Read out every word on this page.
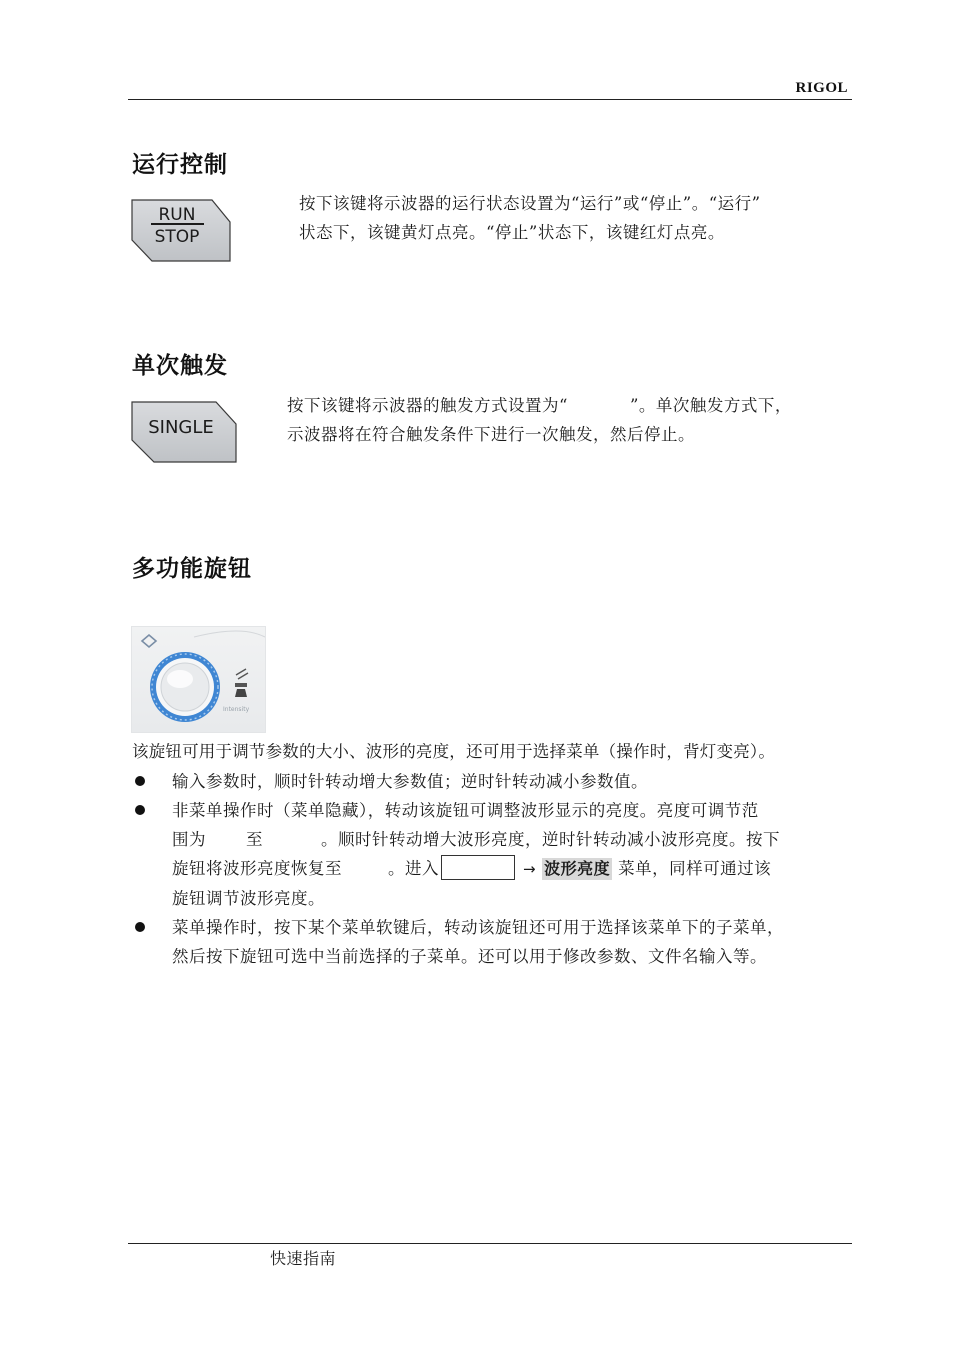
RIGOL
运行控制
RUN
STOP

按下该键将示波器的运行状态设置为“运行”或“停止”。“运行”

状态下，该键黄灯点亮。“停止”状态下，该键红灯点亮。

单次触发
SINGLE

按下该键将示波器的触发方式设置为“	”。单次触发方式下，

示波器将在符合触发条件下进行一次触发，然后停止。

多功能旋钮
Intensity
该旋钮可用于调节参数的大小、波形的亮度，还可用于选择菜单（操作时，背灯变亮）。
输入参数时，顺时针转动增大参数值；逆时针转动减小参数值。
非菜单操作时（菜单隐藏），转动该旋钮可调整波形显示的亮度。亮度可调节范
围为 至	。顺时针转动增大波形亮度，逆时针转动减小波形亮度。按下
旋钮将波形亮度恢复至	。进入	→ 波形亮度 菜单，同样可通过该
旋钮调节波形亮度。
菜单操作时，按下某个菜单软键后，转动该旋钮还可用于选择该菜单下的子菜单，
然后按下旋钮可选中当前选择的子菜单。还可以用于修改参数、文件名输入等。
快速指南
